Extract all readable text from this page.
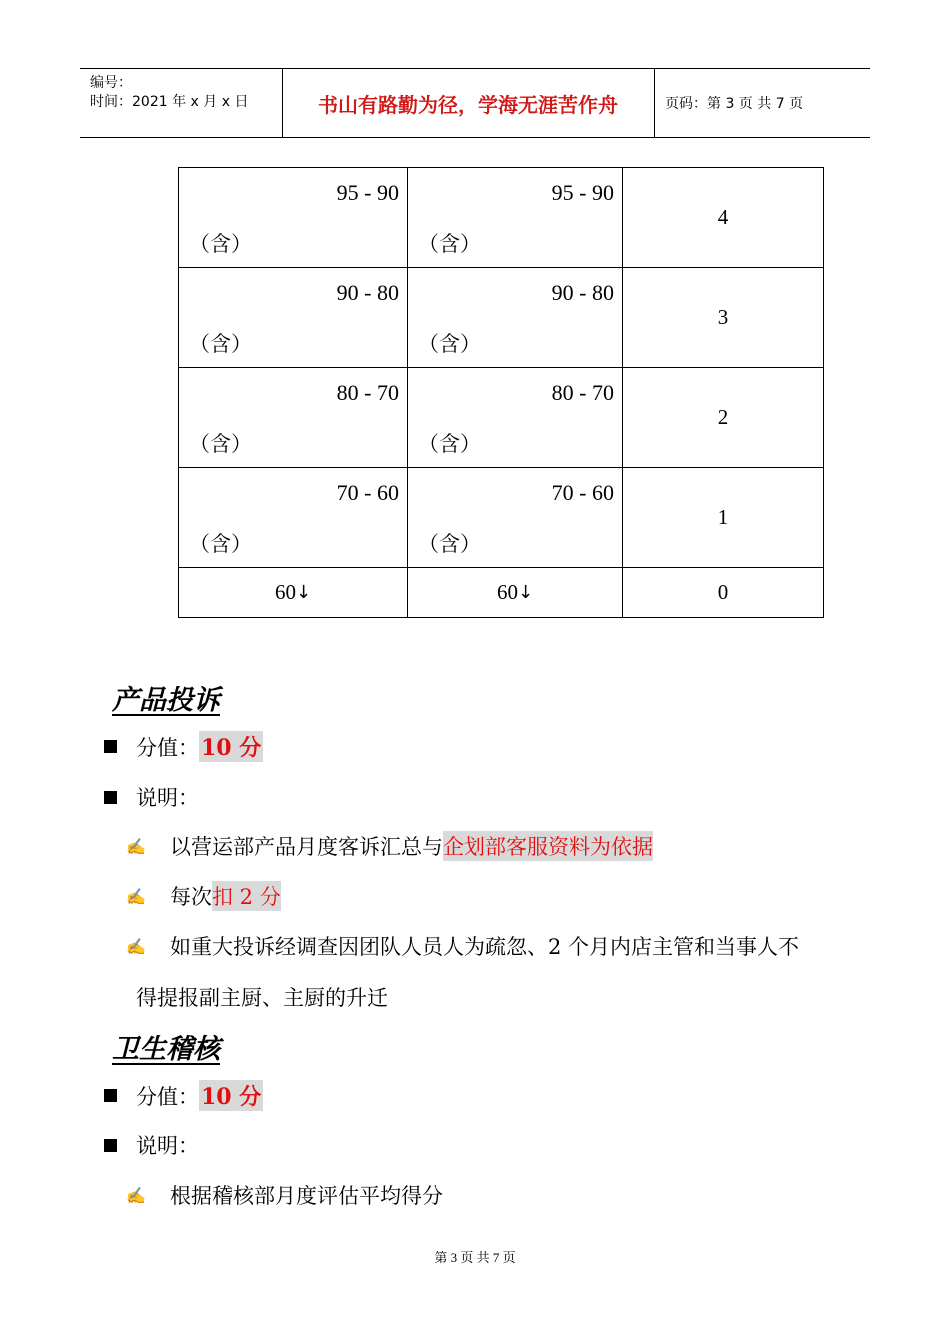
编号：
时间：2021 年 x 月 x 日	书山有路勤为径，学海无涯苦作舟	页码：第 3 页 共 7 页
95 - 90
（含）	95 - 90
（含）	4

90 - 80
（含）	90 - 80
（含）	3

80 - 70
（含）	80 - 70
（含）	2

70 - 60
（含）	70 - 60
（含）	1
60↓	60↓	0
产品投诉
分值： 10 分
说明：
✍ 以营运部产品月度客诉汇总与 企划部客服资料为依据
✍ 每次 扣 2 分
✍ 如重大投诉经调查因团队人员人为疏忽、2 个月内店主管和当事人不
得提报副主厨、主厨的升迁
卫生稽核
分值： 10 分
说明：
✍ 根据稽核部月度评估平均得分
第 3 页 共 7 页
